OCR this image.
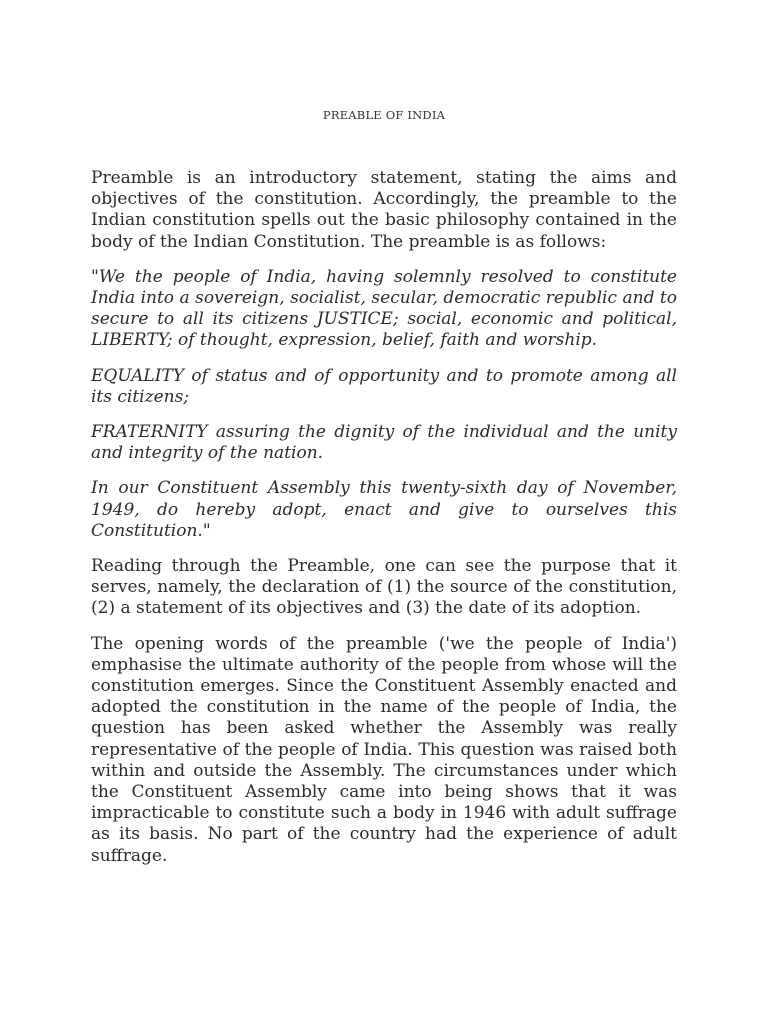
PREABLE OF INDIA

Preamble is an introductory statement, stating the aims and objectives of the constitution. Accordingly, the preamble to the Indian constitution spells out the basic philosophy contained in the body of the Indian Constitution. The preamble is as follows:

"We the people of India, having solemnly resolved to constitute India into a sovereign, socialist, secular, democratic republic and to secure to all its citizens JUSTICE; social, economic and political, LIBERTY; of thought, expression, belief, faith and worship.

EQUALITY of status and of opportunity and to promote among all its citizens;

FRATERNITY assuring the dignity of the individual and the unity and integrity of the nation.

In our Constituent Assembly this twenty-sixth day of November, 1949, do hereby adopt, enact and give to ourselves this Constitution."

Reading through the Preamble, one can see the purpose that it serves, namely, the declaration of (1) the source of the constitution, (2) a statement of its objectives and (3) the date of its adoption.

The opening words of the preamble ('we the people of India') emphasise the ultimate authority of the people from whose will the constitution emerges. Since the Constituent Assembly enacted and adopted the constitution in the name of the people of India, the question has been asked whether the Assembly was really representative of the people of India. This question was raised both within and outside the Assembly. The circumstances under which the Constituent Assembly came into being shows that it was impracticable to constitute such a body in 1946 with adult suffrage as its basis. No part of the country had the experience of adult suffrage.
